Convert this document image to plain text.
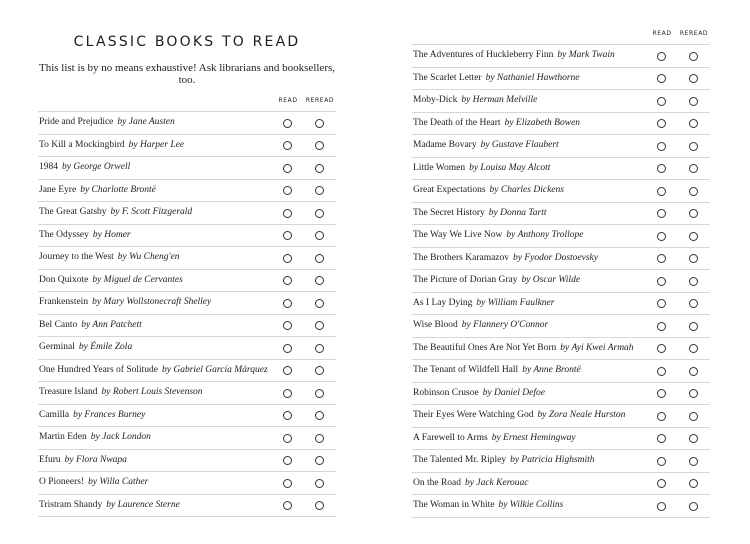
CLASSIC BOOKS TO READ

This list is by no means exhaustive! Ask librarians and booksellers, too.

READ REREAD
Pride and Prejudice by Jane Austen
To Kill a Mockingbird by Harper Lee
1984 by George Orwell
Jane Eyre by Charlotte Brontë
The Great Gatsby by F. Scott Fitzgerald
The Odyssey by Homer
Journey to the West by Wu Cheng'en
Don Quixote by Miguel de Cervantes
Frankenstein by Mary Wollstonecraft Shelley
Bel Canto by Ann Patchett
Germinal by Émile Zola
One Hundred Years of Solitude by Gabriel García Márquez
Treasure Island by Robert Louis Stevenson
Camilla by Frances Burney
Martin Eden by Jack London
Efuru by Flora Nwapa
O Pioneers! by Willa Cather
Tristram Shandy by Laurence Sterne
READ REREAD
The Adventures of Huckleberry Finn by Mark Twain
The Scarlet Letter by Nathaniel Hawthorne
Moby-Dick by Herman Melville
The Death of the Heart by Elizabeth Bowen
Madame Bovary by Gustave Flaubert
Little Women by Louisa May Alcott
Great Expectations by Charles Dickens
The Secret History by Donna Tartt
The Way We Live Now by Anthony Trollope
The Brothers Karamazov by Fyodor Dostoevsky
The Picture of Dorian Gray by Oscar Wilde
As I Lay Dying by William Faulkner
Wise Blood by Flannery O'Connor
The Beautiful Ones Are Not Yet Born by Ayi Kwei Armah
The Tenant of Wildfell Hall by Anne Brontë
Robinson Crusoe by Daniel Defoe
Their Eyes Were Watching God by Zora Neale Hurston
A Farewell to Arms by Ernest Hemingway
The Talented Mr. Ripley by Patricia Highsmith
On the Road by Jack Kerouac
The Woman in White by Wilkie Collins
